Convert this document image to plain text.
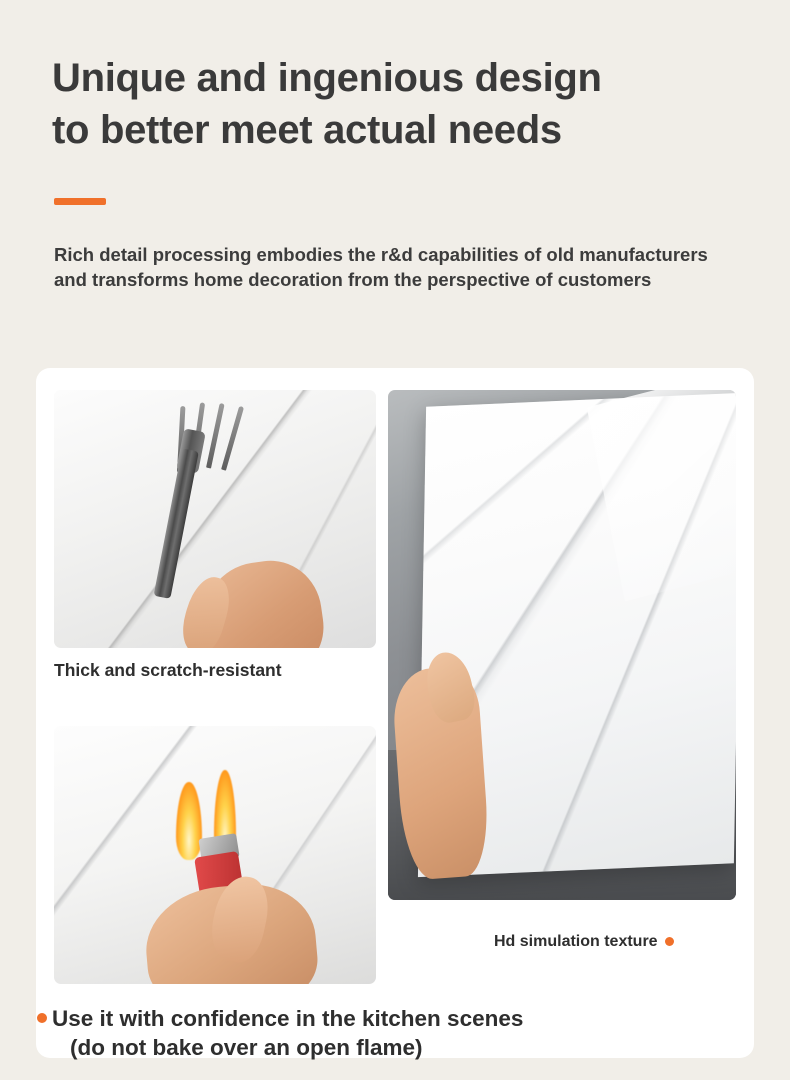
Unique and ingenious design
to better meet actual needs
Rich detail processing embodies the r&d capabilities of old manufacturers and transforms home decoration from the perspective of customers
Thick and scratch-resistant
Hd simulation texture
Use it with confidence in the kitchen scenes
(do not bake over an open flame)
